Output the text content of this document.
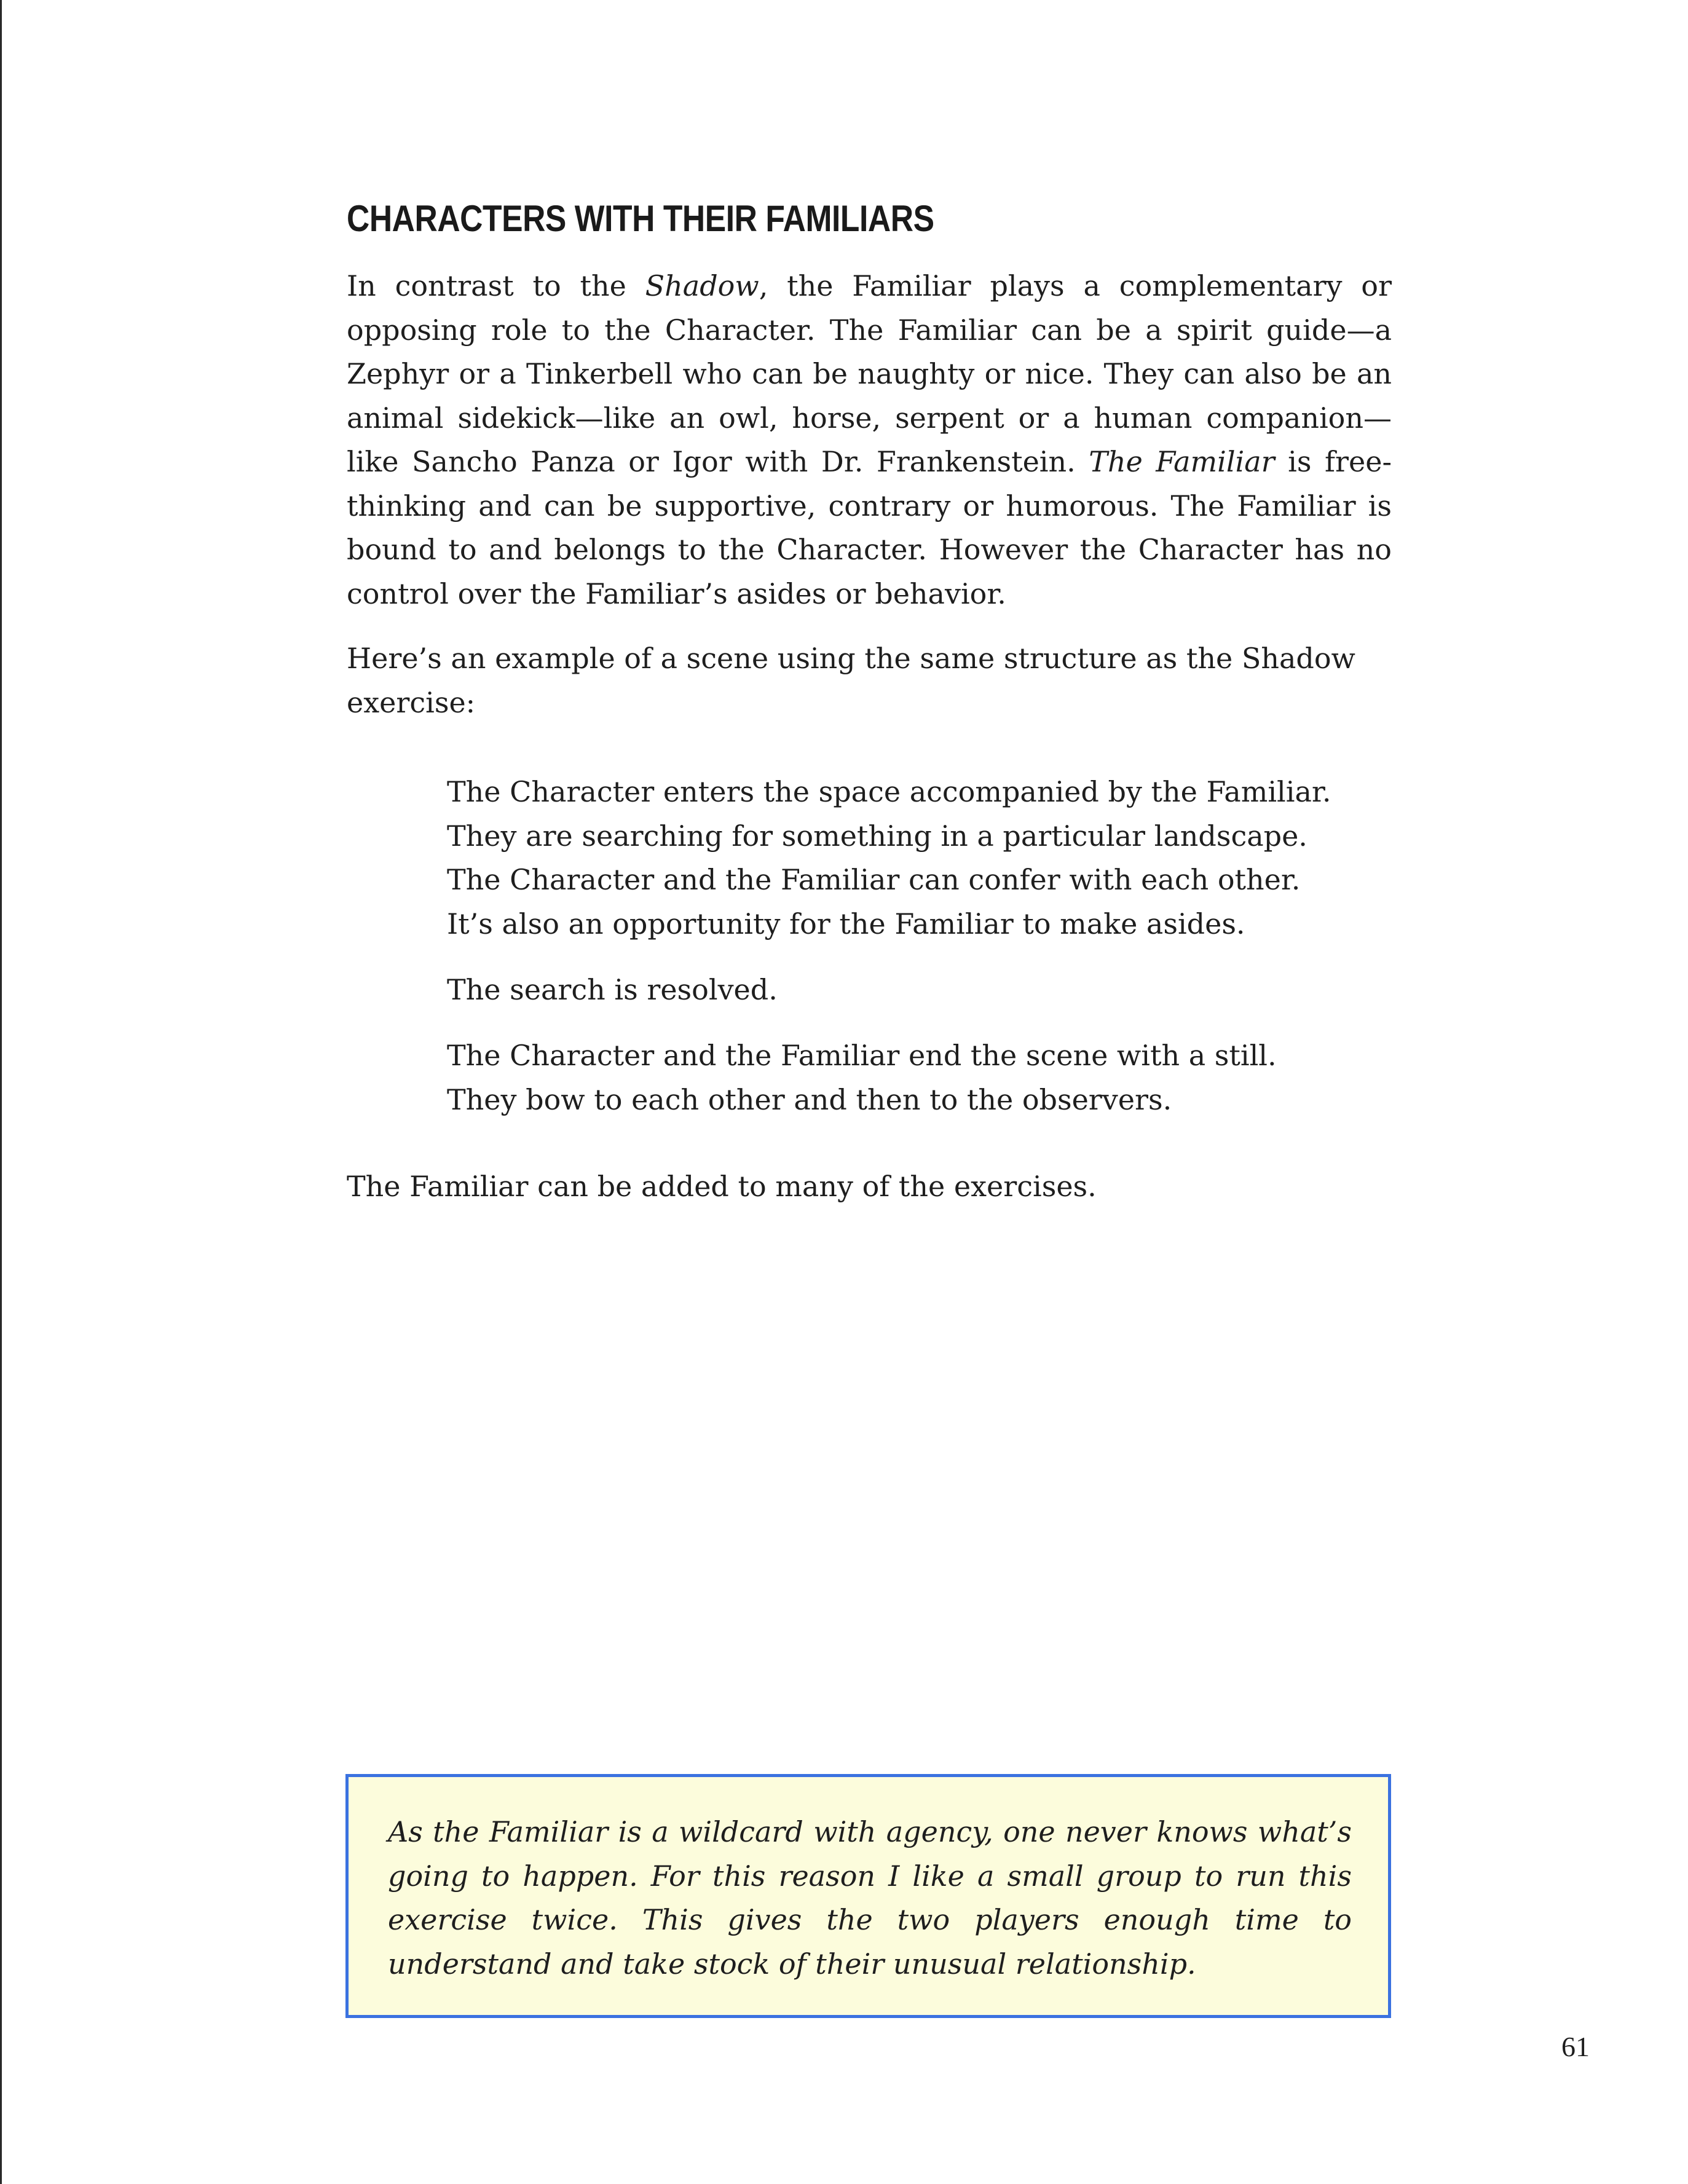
CHARACTERS WITH THEIR FAMILIARS

In contrast to the Shadow, the Familiar plays a complementary or opposing role to the Character. The Familiar can be a spirit guide—a Zephyr or a Tinkerbell who can be naughty or nice. They can also be an animal sidekick—like an owl, horse, serpent or a human companion—like Sancho Panza or Igor with Dr. Frankenstein. The Familiar is free-thinking and can be supportive, contrary or humorous. The Familiar is bound to and belongs to the Character. However the Character has no control over the Familiar’s asides or behavior.

Here’s an example of a scene using the same structure as the Shadow exercise:

The Character enters the space accompanied by the Familiar.
They are searching for something in a particular landscape.
The Character and the Familiar can confer with each other.
It’s also an opportunity for the Familiar to make asides.
The search is resolved.
The Character and the Familiar end the scene with a still.
They bow to each other and then to the observers.

The Familiar can be added to many of the exercises.

As the Familiar is a wildcard with agency, one never knows what’s going to happen. For this reason I like a small group to run this exercise twice. This gives the two players enough time to understand and take stock of their unusual relationship.

61
